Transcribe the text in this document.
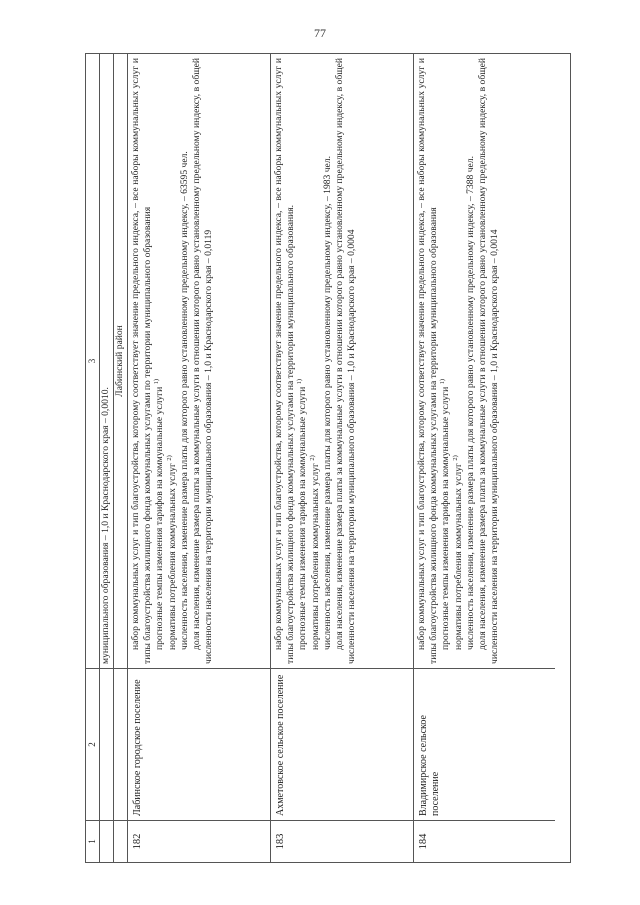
77
1
2
3
муниципального образования – 1,0 и Краснодарского края – 0,0010.
Лабинский район
182
Лабинское городское поселение

набор коммунальных услуг и тип благоустройства, которому соответствует значение предельного индекса, – все наборы коммунальных услуг и типы благоустройства жилищного фонда коммунальных услугами по территории муниципального образования прогнозные темпы изменения тарифов на коммунальные услуги $^{1)}$

нормативы потребления коммунальных услуг $^{2)}$ численность населения, изменение размера платы для которого равно установленному предельному индексу, – 63595 чел. доля населения, изменение размера платы за коммунальные услуги в отношении которого равно установленному предельному индексу, в общей численности населения на территории муниципального образования – 1,0 и Краснодарского края – 0,0119

183
Ахметовское сельское поселение

набор коммунальных услуг и тип благоустройства, которому соответствует значение предельного индекса, – все наборы коммунальных услуг и типы благоустройства жилищного фонда коммунальных услугами на территории муниципального образования. прогнозные темпы изменения тарифов на коммунальные услуги $^{1)}$

нормативы потребления коммунальных услуг $^{2)}$ численность населения, изменение размера платы для которого равно установленному предельному индексу, – 1983 чел. доля населения, изменение размера платы за коммунальные услуги в отношении которого равно установленному предельному индексу, в общей численности населения на территории муниципального образования – 1,0 и Краснодарского края – 0,0004

184
Владимирское сельское поселение

набор коммунальных услуг и тип благоустройства, которому соответствует значение предельного индекса, – все наборы коммунальных услуг и типы благоустройства жилищного фонда коммунальных услугами на территории муниципального образования прогнозные темпы изменения тарифов на коммунальные услуги $^{1)}$

нормативы потребления коммунальных услуг $^{2)}$ численность населения, изменение размера платы для которого равно установленному предельному индексу, – 7388 чел. доля населения, изменение размера платы за коммунальные услуги в отношении которого равно установленному предельному индексу, в общей численности населения на территории муниципального образования – 1,0 и Краснодарского края – 0,0014
